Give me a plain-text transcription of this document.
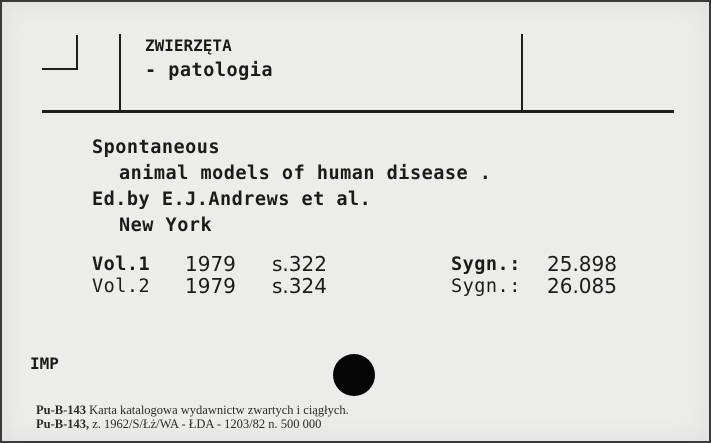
ZWIERZĘTA
- patologia
Spontaneous
animal models of human disease .
Ed.by E.J.Andrews et al.
New York
Vol.1 1979 s.322	Sygn.: 25.898
Vol.2 1979 s.324	Sygn.: 26.085
IMP
Pu-B-143 Karta katalogowa wydawnictw zwartych i ciągłych.
Pu-B-143, z. 1962/S/Łż/WA - ŁDA - 1203/82 n. 500 000
